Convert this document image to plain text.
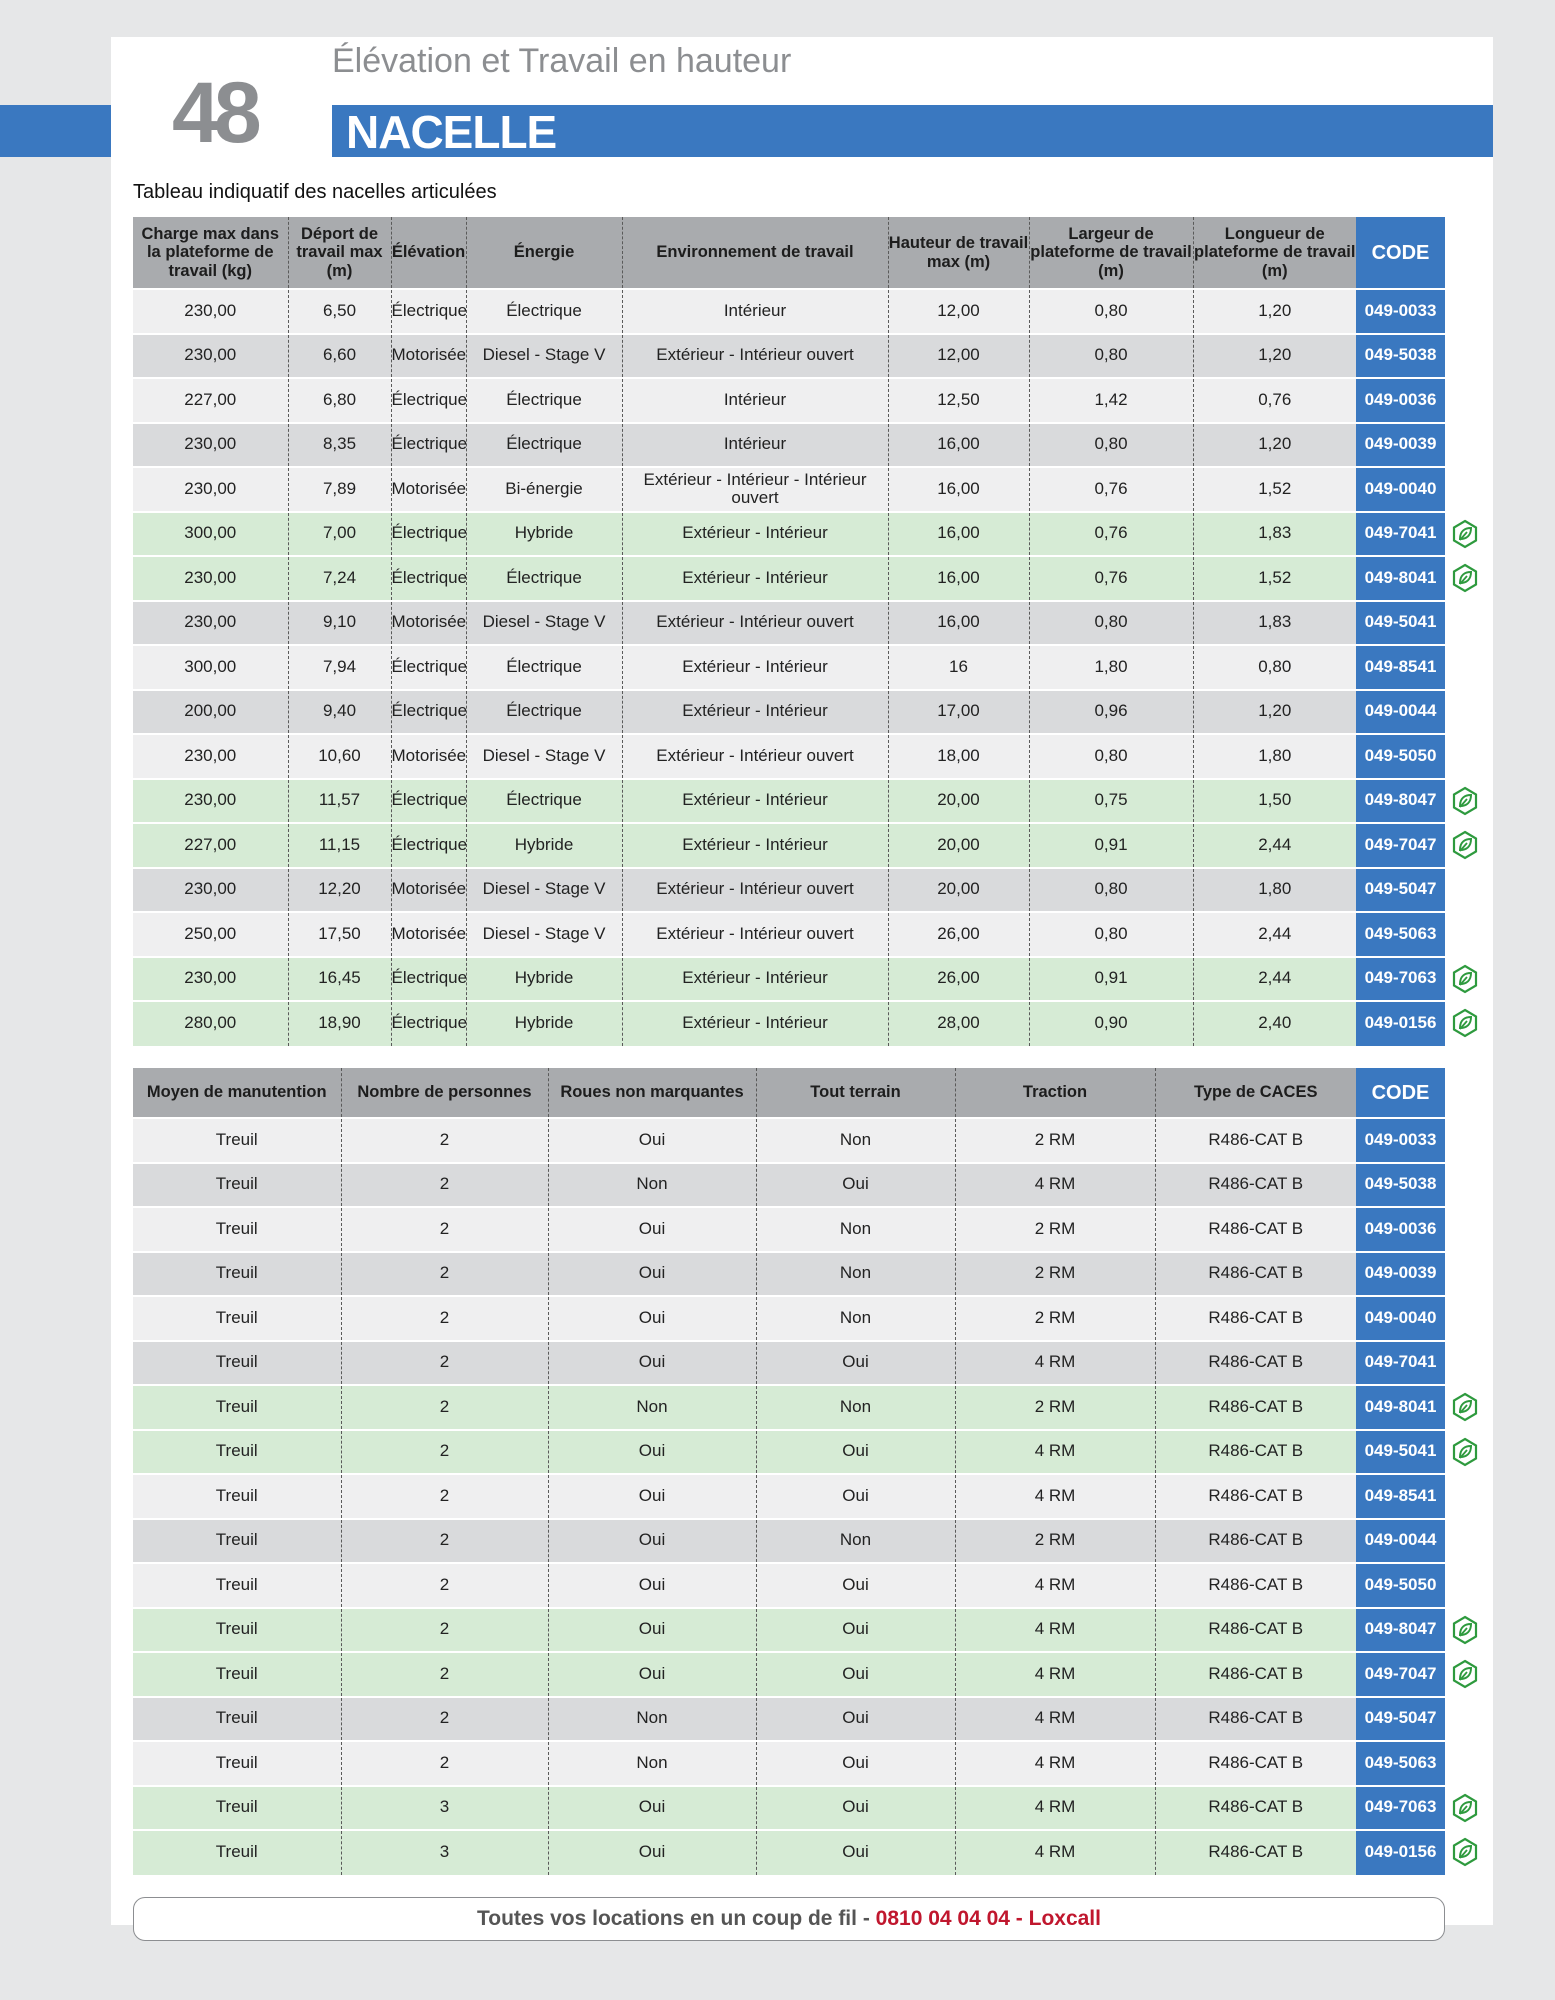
48
Élévation et Travail en hauteur
NACELLE
Tableau indiquatif des nacelles articulées
Charge max dans la plateforme de travail (kg)	Déport de travail max (m)	Élévation	Énergie	Environnement de travail	Hauteur de travail max (m)	Largeur de plateforme de travail (m)	Longueur de plateforme de travail (m)	CODE	
230,00	6,50	Électrique	Électrique	Intérieur	12,00	0,80	1,20	049-0033	
230,00	6,60	Motorisée	Diesel - Stage V	Extérieur - Intérieur ouvert	12,00	0,80	1,20	049-5038	
227,00	6,80	Électrique	Électrique	Intérieur	12,50	1,42	0,76	049-0036	
230,00	8,35	Électrique	Électrique	Intérieur	16,00	0,80	1,20	049-0039	
230,00	7,89	Motorisée	Bi-énergie	Extérieur - Intérieur - Intérieur ouvert	16,00	0,76	1,52	049-0040	
300,00	7,00	Électrique	Hybride	Extérieur - Intérieur	16,00	0,76	1,83	049-7041	
230,00	7,24	Électrique	Électrique	Extérieur - Intérieur	16,00	0,76	1,52	049-8041	
230,00	9,10	Motorisée	Diesel - Stage V	Extérieur - Intérieur ouvert	16,00	0,80	1,83	049-5041	
300,00	7,94	Électrique	Électrique	Extérieur - Intérieur	16	1,80	0,80	049-8541	
200,00	9,40	Électrique	Électrique	Extérieur - Intérieur	17,00	0,96	1,20	049-0044	
230,00	10,60	Motorisée	Diesel - Stage V	Extérieur - Intérieur ouvert	18,00	0,80	1,80	049-5050	
230,00	11,57	Électrique	Électrique	Extérieur - Intérieur	20,00	0,75	1,50	049-8047	
227,00	11,15	Électrique	Hybride	Extérieur - Intérieur	20,00	0,91	2,44	049-7047	
230,00	12,20	Motorisée	Diesel - Stage V	Extérieur - Intérieur ouvert	20,00	0,80	1,80	049-5047	
250,00	17,50	Motorisée	Diesel - Stage V	Extérieur - Intérieur ouvert	26,00	0,80	2,44	049-5063	
230,00	16,45	Électrique	Hybride	Extérieur - Intérieur	26,00	0,91	2,44	049-7063	
280,00	18,90	Électrique	Hybride	Extérieur - Intérieur	28,00	0,90	2,40	049-0156	
Moyen de manutention	Nombre de personnes	Roues non marquantes	Tout terrain	Traction	Type de CACES	CODE	
Treuil	2	Oui	Non	2 RM	R486-CAT B	049-0033	
Treuil	2	Non	Oui	4 RM	R486-CAT B	049-5038	
Treuil	2	Oui	Non	2 RM	R486-CAT B	049-0036	
Treuil	2	Oui	Non	2 RM	R486-CAT B	049-0039	
Treuil	2	Oui	Non	2 RM	R486-CAT B	049-0040	
Treuil	2	Oui	Oui	4 RM	R486-CAT B	049-7041	
Treuil	2	Non	Non	2 RM	R486-CAT B	049-8041	
Treuil	2	Oui	Oui	4 RM	R486-CAT B	049-5041	
Treuil	2	Oui	Oui	4 RM	R486-CAT B	049-8541	
Treuil	2	Oui	Non	2 RM	R486-CAT B	049-0044	
Treuil	2	Oui	Oui	4 RM	R486-CAT B	049-5050	
Treuil	2	Oui	Oui	4 RM	R486-CAT B	049-8047	
Treuil	2	Oui	Oui	4 RM	R486-CAT B	049-7047	
Treuil	2	Non	Oui	4 RM	R486-CAT B	049-5047	
Treuil	2	Non	Oui	4 RM	R486-CAT B	049-5063	
Treuil	3	Oui	Oui	4 RM	R486-CAT B	049-7063	
Treuil	3	Oui	Oui	4 RM	R486-CAT B	049-0156	
Toutes vos locations en un coup de fil - 0810 04 04 04 - Loxcall
